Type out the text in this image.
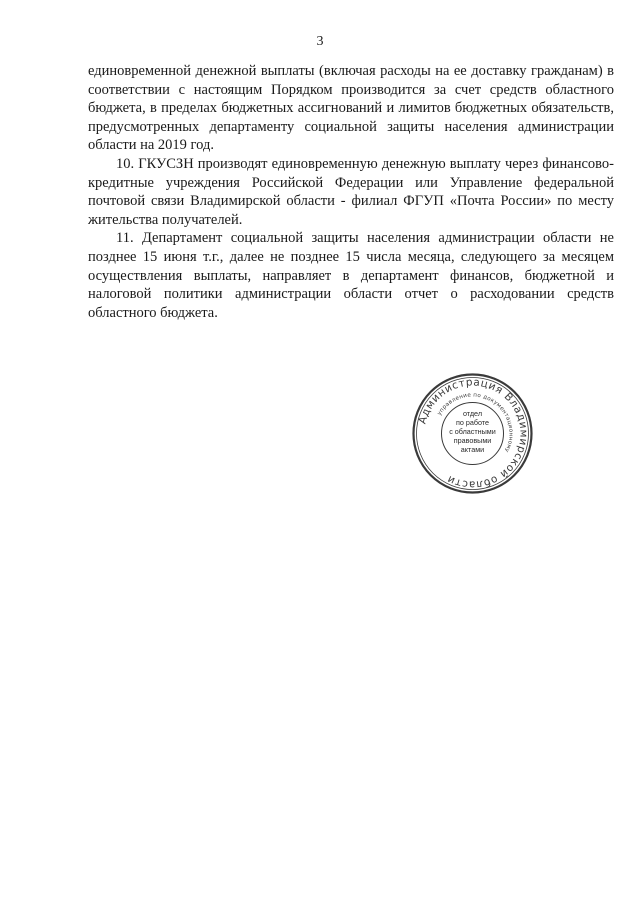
3

единовременной денежной выплаты (включая расходы на ее доставку гражданам) в соответствии с настоящим Порядком производится за счет средств областного бюджета, в пределах бюджетных ассигнований и лимитов бюджетных обязательств, предусмотренных департаменту социальной защиты населения администрации области на 2019 год.

10. ГКУСЗН производят единовременную денежную выплату через финансово-кредитные учреждения Российской Федерации или Управление федеральной почтовой связи Владимирской области - филиал ФГУП «Почта России» по месту жительства получателей.

11. Департамент социальной защиты населения администрации области не позднее 15 июня т.г., далее не позднее 15 числа месяца, следующего за месяцем осуществления выплаты, направляет в департамент финансов, бюджетной и налоговой политики администрации области отчет о расходовании средств областного бюджета.

Администрация Владимирской области
управление по документационному
отдел
по работе
с областными
правовыми
актами
